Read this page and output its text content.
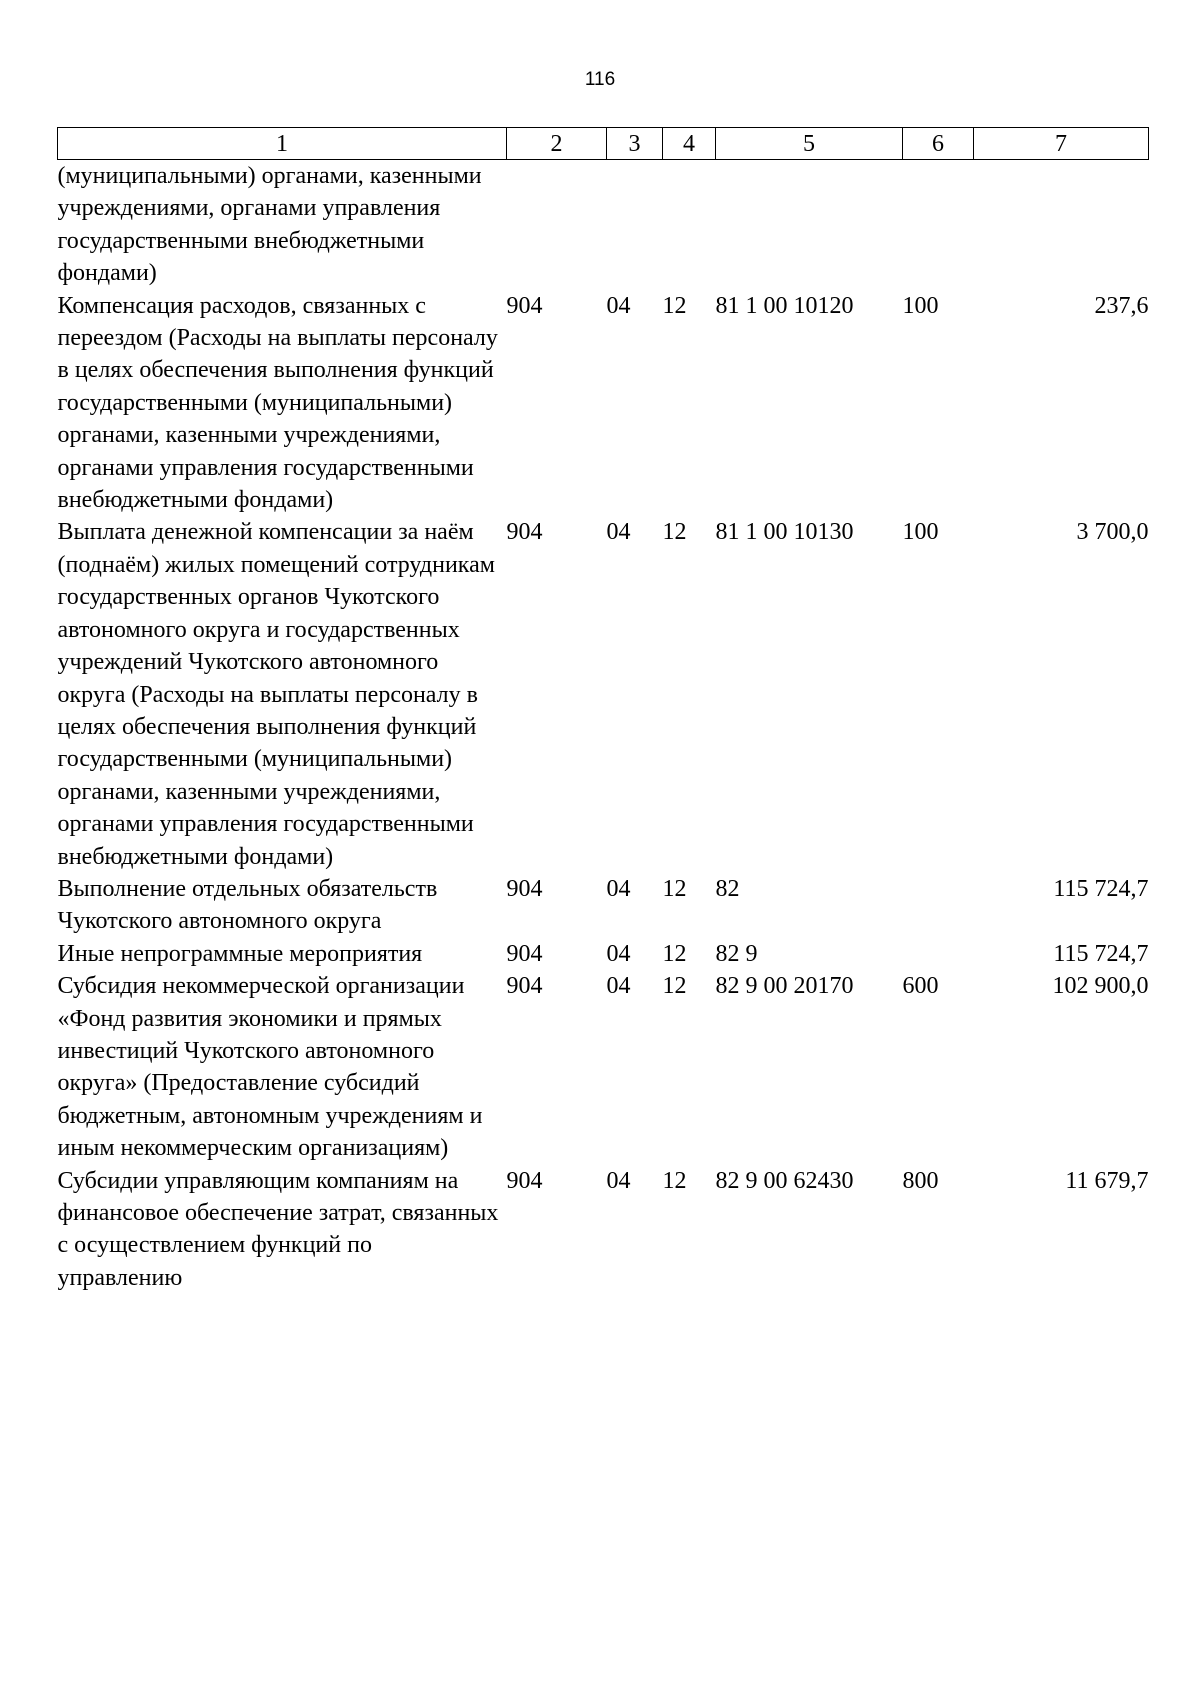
116
1	2	3	4	5	6	7
(муниципальными) органами, казенными учреждениями, органами управления государственными внебюджетными фондами)						
Компенсация расходов, связанных с переездом (Расходы на выплаты персоналу в целях обеспечения выполнения функций государственными (муниципальными) органами, казенными учреждениями, органами управления государственными внебюджетными фондами)	904	04	12	81 1 00 10120	100	237,6
Выплата денежной компенсации за наём (поднаём) жилых помещений сотрудникам государственных органов Чукотского автономного округа и государственных учреждений Чукотского автономного округа (Расходы на выплаты персоналу в целях обеспечения выполнения функций государственными (муниципальными) органами, казенными учреждениями, органами управления государственными внебюджетными фондами)	904	04	12	81 1 00 10130	100	3 700,0
Выполнение отдельных обязательств Чукотского автономного округа	904	04	12	82		115 724,7
Иные непрограммные мероприятия	904	04	12	82 9		115 724,7
Субсидия некоммерческой организации «Фонд развития экономики и прямых инвестиций Чукотского автономного округа» (Предоставление субсидий бюджетным, автономным учреждениям и иным некоммерческим организациям)	904	04	12	82 9 00 20170	600	102 900,0
Субсидии управляющим компаниям на финансовое обеспечение затрат, связанных с осуществлением функций по управлению	904	04	12	82 9 00 62430	800	11 679,7
